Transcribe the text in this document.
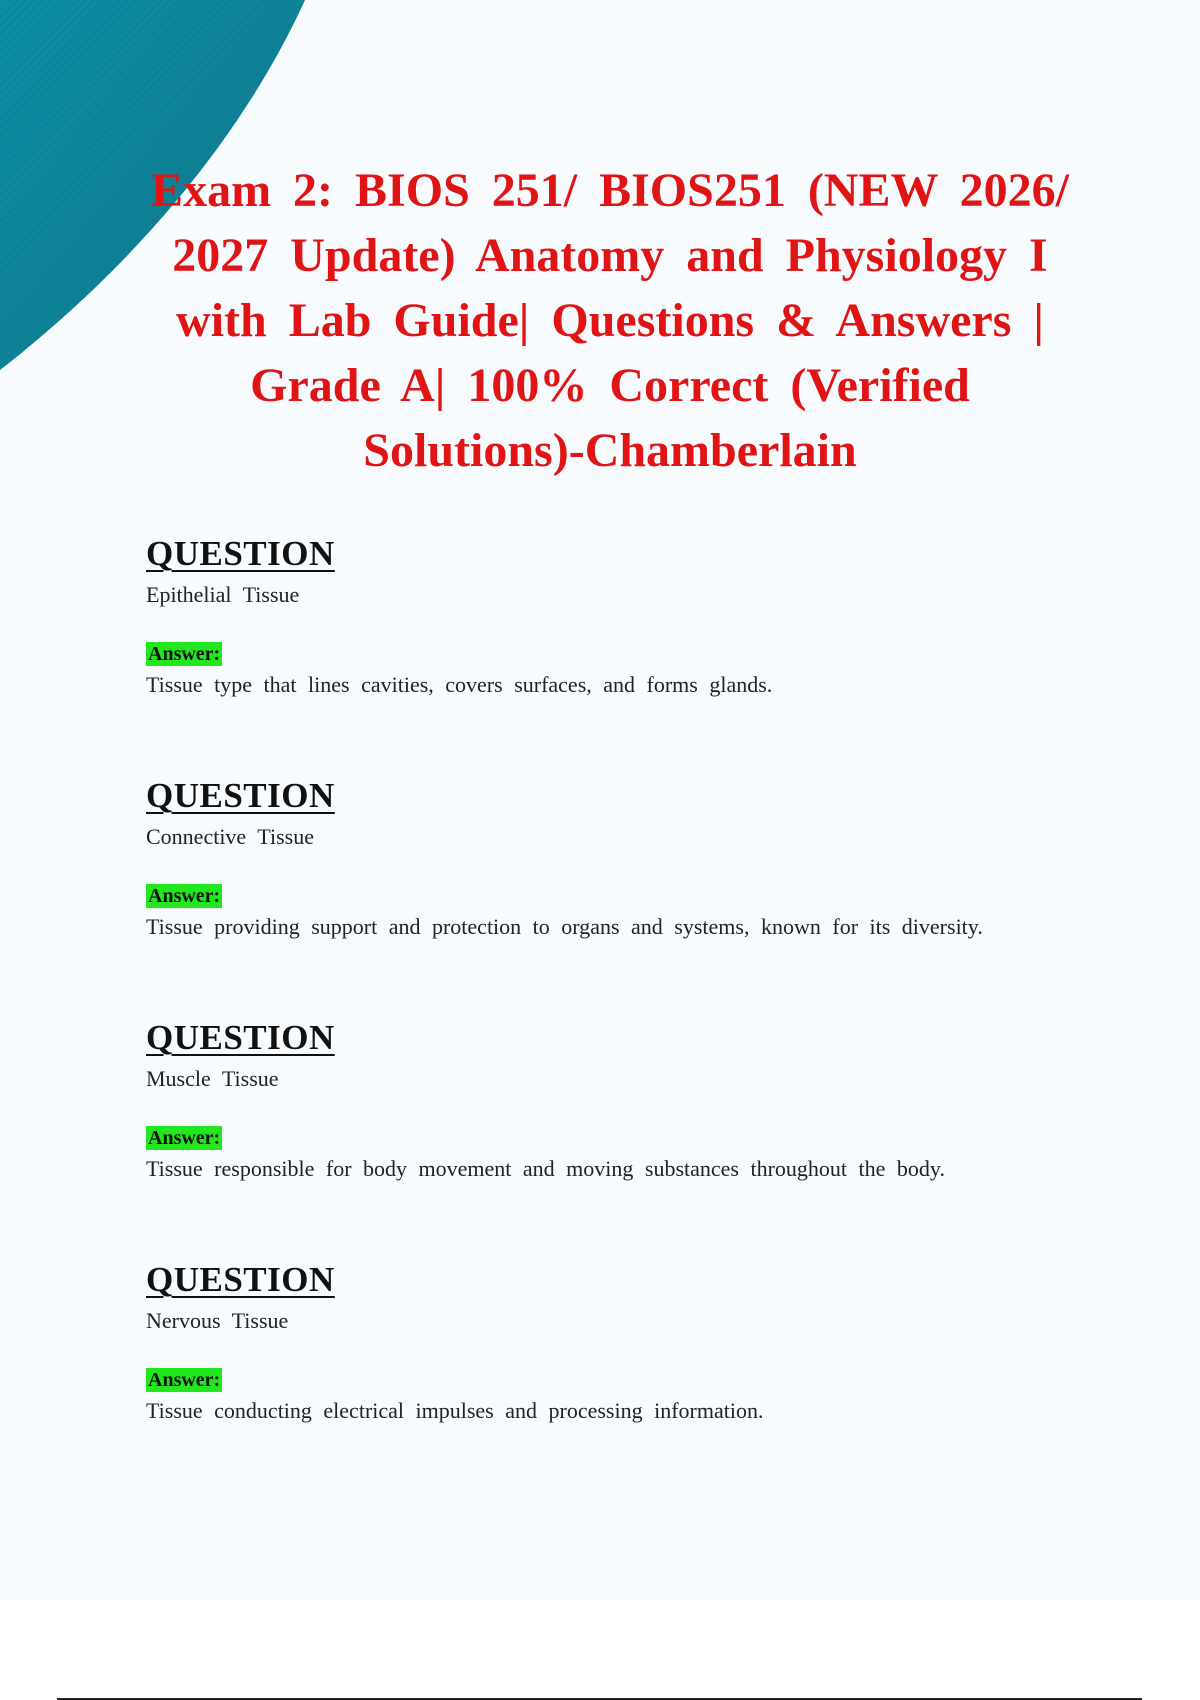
Exam 2: BIOS 251/ BIOS251 (NEW 2026/ 2027 Update) Anatomy and Physiology I with Lab Guide| Questions & Answers | Grade A| 100% Correct (Verified Solutions)-Chamberlain
QUESTION

Epithelial Tissue

Answer:

Tissue type that lines cavities, covers surfaces, and forms glands.

QUESTION

Connective Tissue

Answer:

Tissue providing support and protection to organs and systems, known for its diversity.

QUESTION

Muscle Tissue

Answer:

Tissue responsible for body movement and moving substances throughout the body.

QUESTION

Nervous Tissue

Answer:

Tissue conducting electrical impulses and processing information.
